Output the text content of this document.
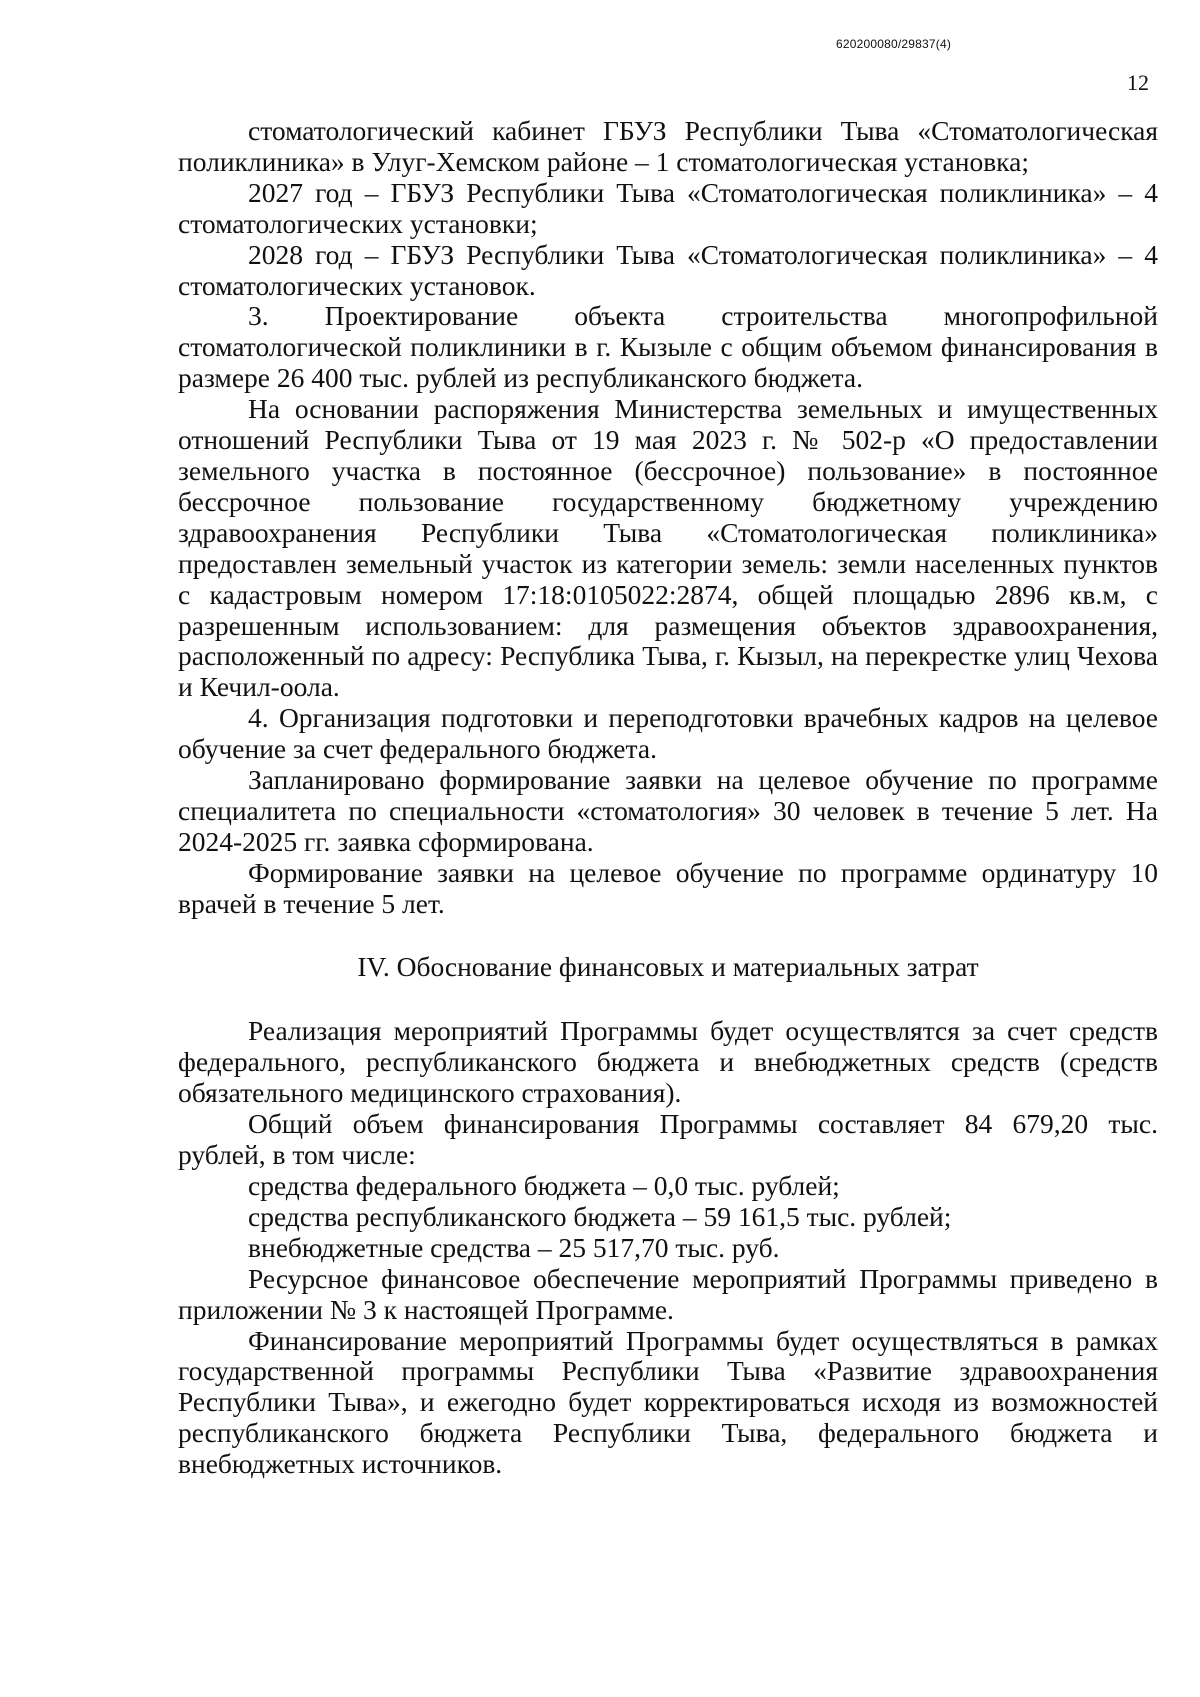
620200080/29837(4)
12

стоматологический кабинет ГБУЗ Республики Тыва «Стоматологическая поликлиника» в Улуг-Хемском районе – 1 стоматологическая установка;

2027 год – ГБУЗ Республики Тыва «Стоматологическая поликлиника» – 4 стоматологических установки;

2028 год – ГБУЗ Республики Тыва «Стоматологическая поликлиника» – 4 стоматологических установок.

3. Проектирование объекта строительства многопрофильной стоматологической поликлиники в г. Кызыле с общим объемом финансирования в размере 26 400 тыс. рублей из республиканского бюджета.

На основании распоряжения Министерства земельных и имущественных отношений Республики Тыва от 19 мая 2023 г. № 502-р «О предоставлении земельного участка в постоянное (бессрочное) пользование» в постоянное бессрочное пользование государственному бюджетному учреждению здравоохранения Республики Тыва «Стоматологическая поликлиника» предоставлен земельный участок из категории земель: земли населенных пунктов с кадастровым номером 17:18:0105022:2874, общей площадью 2896 кв.м, с разрешенным использованием: для размещения объектов здравоохранения, расположенный по адресу: Республика Тыва, г. Кызыл, на перекрестке улиц Чехова и Кечил-оола.

4. Организация подготовки и переподготовки врачебных кадров на целевое обучение за счет федерального бюджета.

Запланировано формирование заявки на целевое обучение по программе специалитета по специальности «стоматология» 30 человек в течение 5 лет. На 2024-2025 гг. заявка сформирована.

Формирование заявки на целевое обучение по программе ординатуру 10 врачей в течение 5 лет.

IV. Обоснование финансовых и материальных затрат

Реализация мероприятий Программы будет осуществлятся за счет средств федерального, республиканского бюджета и внебюджетных средств (средств обязательного медицинского страхования).

Общий объем финансирования Программы составляет 84 679,20 тыс. рублей, в том числе:

средства федерального бюджета – 0,0 тыс. рублей;

средства республиканского бюджета – 59 161,5 тыс. рублей;

внебюджетные средства – 25 517,70 тыс. руб.

Ресурсное финансовое обеспечение мероприятий Программы приведено в приложении № 3 к настоящей Программе.

Финансирование мероприятий Программы будет осуществляться в рамках государственной программы Республики Тыва «Развитие здравоохранения Республики Тыва», и ежегодно будет корректироваться исходя из возможностей республиканского бюджета Республики Тыва, федерального бюджета и внебюджетных источников.
